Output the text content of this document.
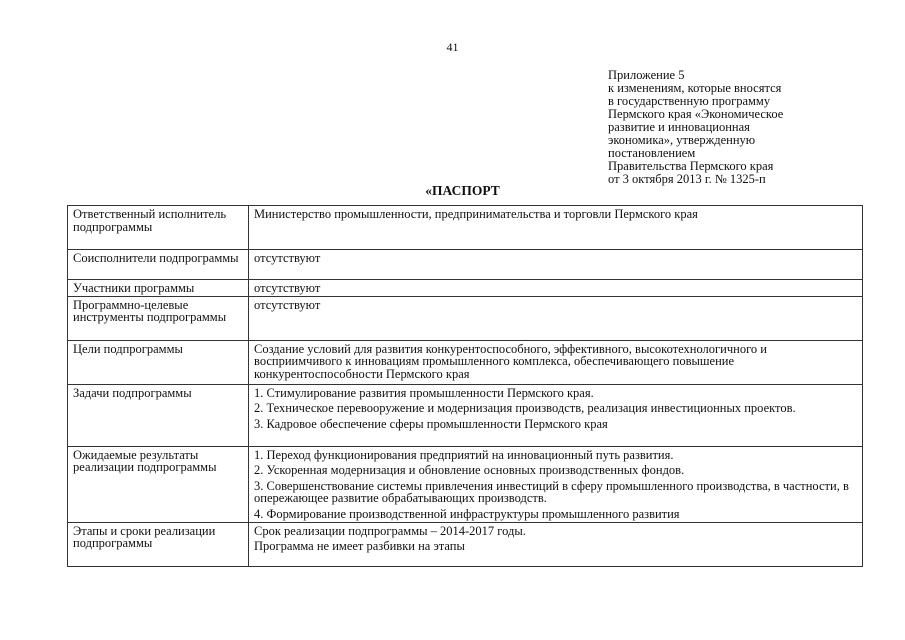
41
Приложение 5
к изменениям, которые вносятся
в государственную программу
Пермского края «Экономическое
развитие и инновационная
экономика», утвержденную
постановлением
Правительства Пермского края
от 3 октября 2013 г. № 1325-п
«ПАСПОРТ
Ответственный исполнитель подпрограммы	Министерство промышленности, предпринимательства и торговли Пермского края

Соисполнители подпрограммы	отсутствуют

Участники программы	отсутствуют

Программно-целевые инструменты подпрограммы	отсутствуют

Цели подпрограммы	Создание условий для развития конкурентоспособного, эффективного, высокотехнологичного и восприимчивого к инновациям промышленного комплекса, обеспечивающего повышение конкурентоспособности Пермского края

Задачи подпрограммы	1. Стимулирование развития промышленности Пермского края.
2. Техническое перевооружение и модернизация производств, реализация инвестиционных проектов.
3. Кадровое обеспечение сферы промышленности Пермского края

Ожидаемые результаты реализации подпрограммы	1. Переход функционирования предприятий на инновационный путь развития.
2. Ускоренная модернизация и обновление основных производственных фондов.
3. Совершенствование системы привлечения инвестиций в сферу промышленного производства, в частности, в опережающее развитие обрабатывающих производств.
4. Формирование производственной инфраструктуры промышленного развития

Этапы и сроки реализации подпрограммы	Срок реализации подпрограммы – 2014-2017 годы.
Программа не имеет разбивки на этапы
